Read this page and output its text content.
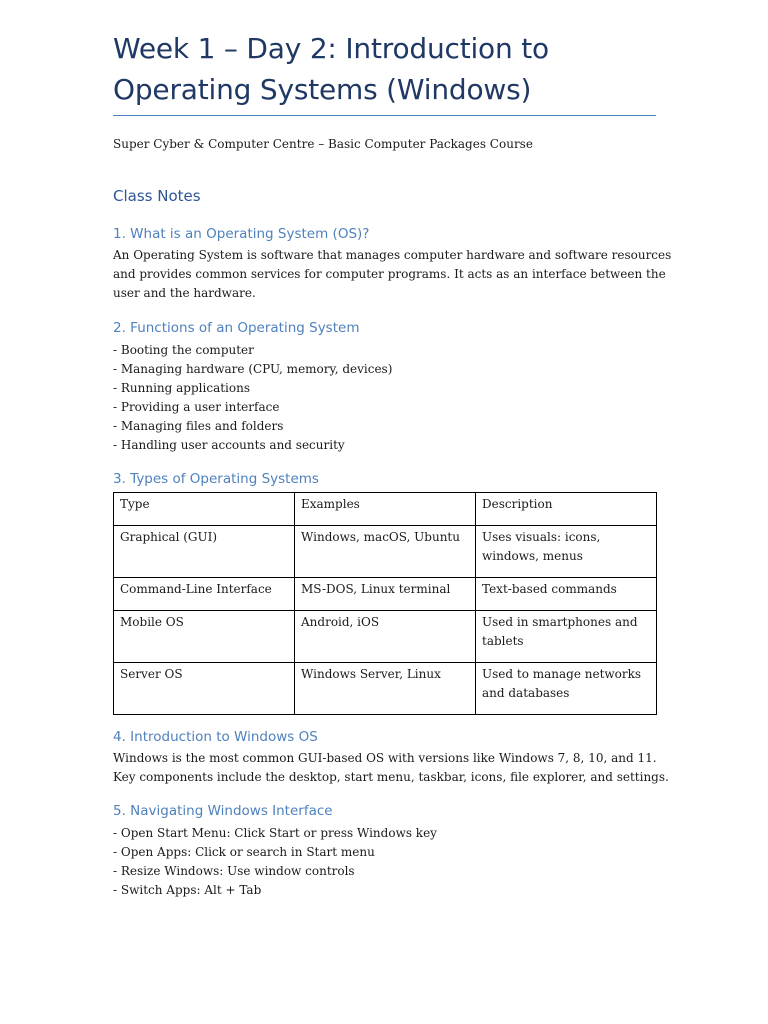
Week 1 – Day 2: Introduction to
Operating Systems (Windows)

Super Cyber & Computer Centre – Basic Computer Packages Course

Class Notes
1. What is an Operating System (OS)?

An Operating System is software that manages computer hardware and software resources
and provides common services for computer programs. It acts as an interface between the
user and the hardware.

2. Functions of an Operating System
- Booting the computer
- Managing hardware (CPU, memory, devices)
- Running applications
- Providing a user interface
- Managing files and folders
- Handling user accounts and security
3. Types of Operating Systems
Type	Examples	Description
Graphical (GUI)	Windows, macOS, Ubuntu	Uses visuals: icons, windows, menus
Command-Line Interface	MS-DOS, Linux terminal	Text-based commands
Mobile OS	Android, iOS	Used in smartphones and tablets
Server OS	Windows Server, Linux	Used to manage networks and databases
4. Introduction to Windows OS

Windows is the most common GUI-based OS with versions like Windows 7, 8, 10, and 11.
Key components include the desktop, start menu, taskbar, icons, file explorer, and settings.

5. Navigating Windows Interface
- Open Start Menu: Click Start or press Windows key
- Open Apps: Click or search in Start menu
- Resize Windows: Use window controls
- Switch Apps: Alt + Tab
